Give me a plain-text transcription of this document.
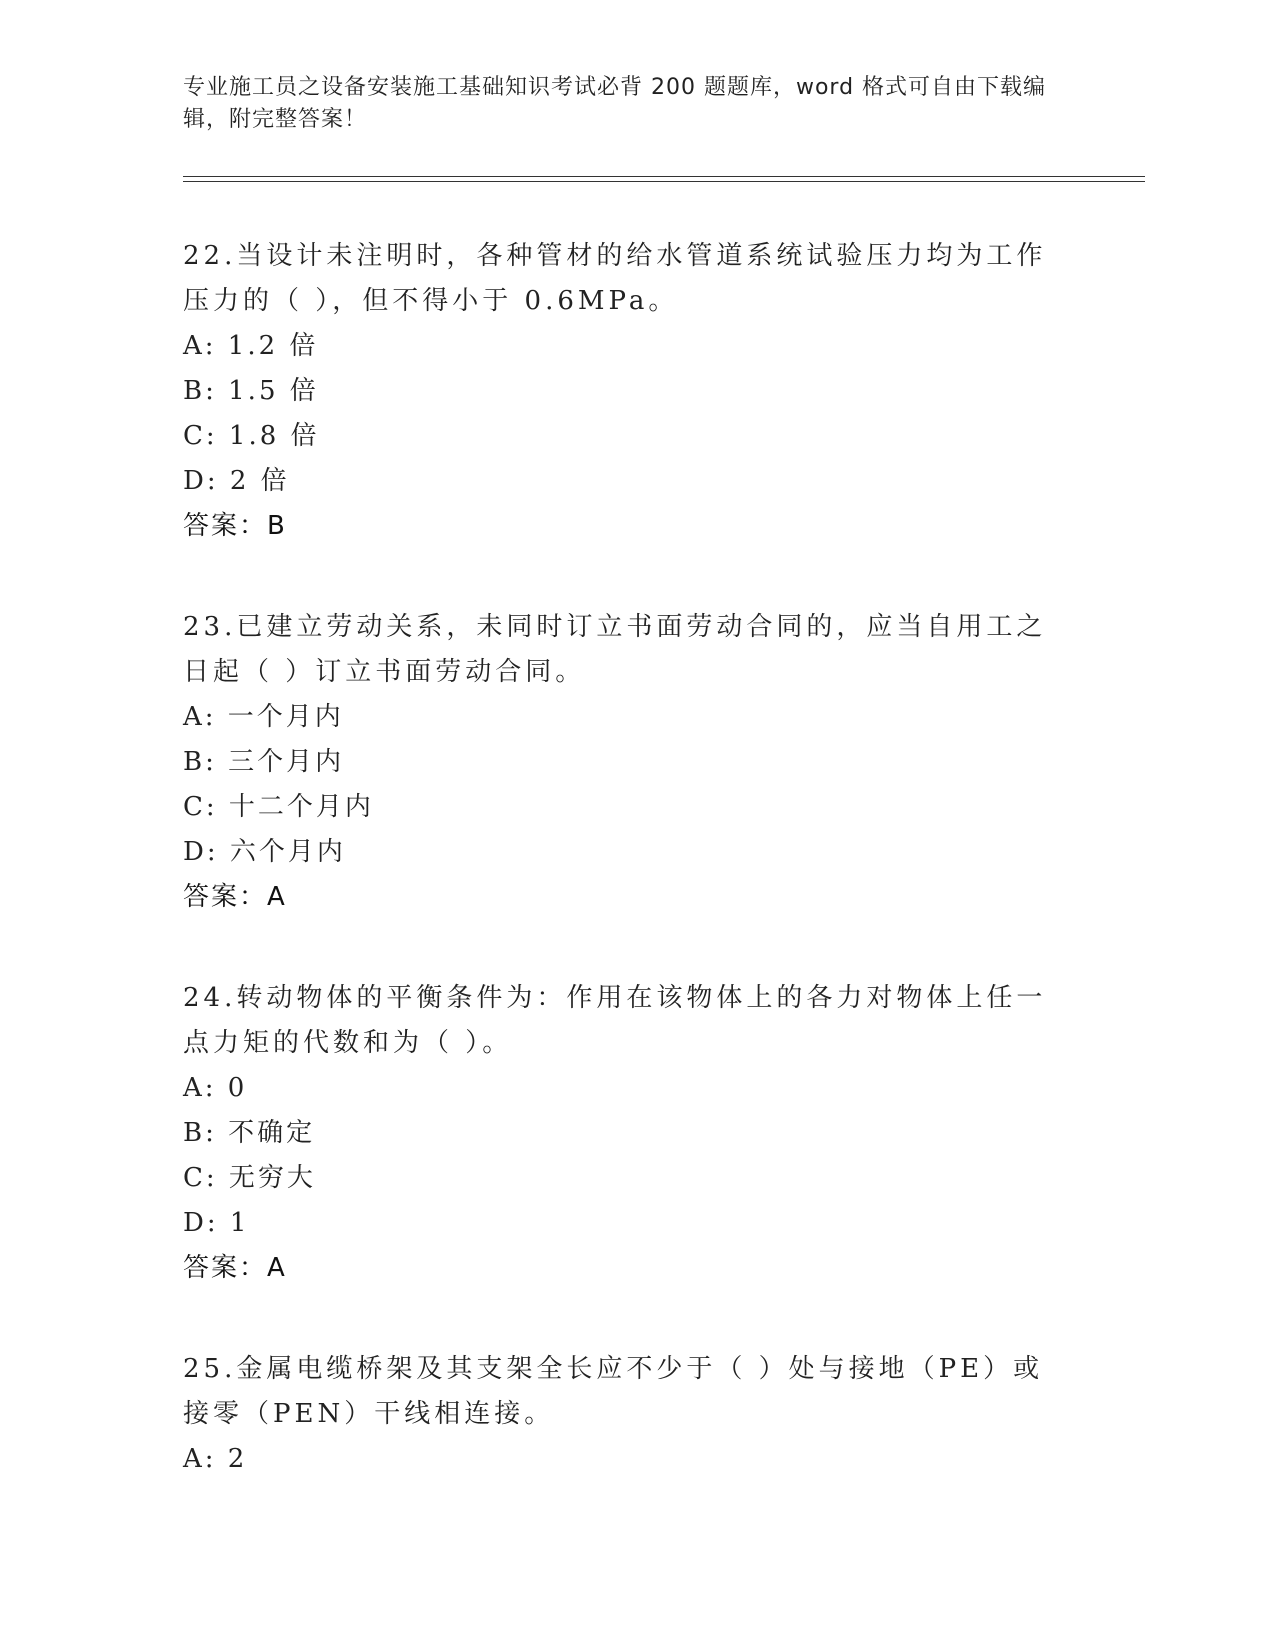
专业施工员之设备安装施工基础知识考试必背 200 题题库，word 格式可自由下载编辑，附完整答案！
22.当设计未注明时，各种管材的给水管道系统试验压力均为工作压力的（ ），但不得小于 0.6MPa。
A: 1.2 倍
B: 1.5 倍
C: 1.8 倍
D: 2 倍
答案：B
23.已建立劳动关系，未同时订立书面劳动合同的，应当自用工之日起（ ）订立书面劳动合同。
A: 一个月内
B: 三个月内
C: 十二个月内
D: 六个月内
答案：A
24.转动物体的平衡条件为：作用在该物体上的各力对物体上任一点力矩的代数和为（ ）。
A: 0
B: 不确定
C: 无穷大
D: 1
答案：A
25.金属电缆桥架及其支架全长应不少于（ ）处与接地（PE）或接零（PEN）干线相连接。
A: 2
